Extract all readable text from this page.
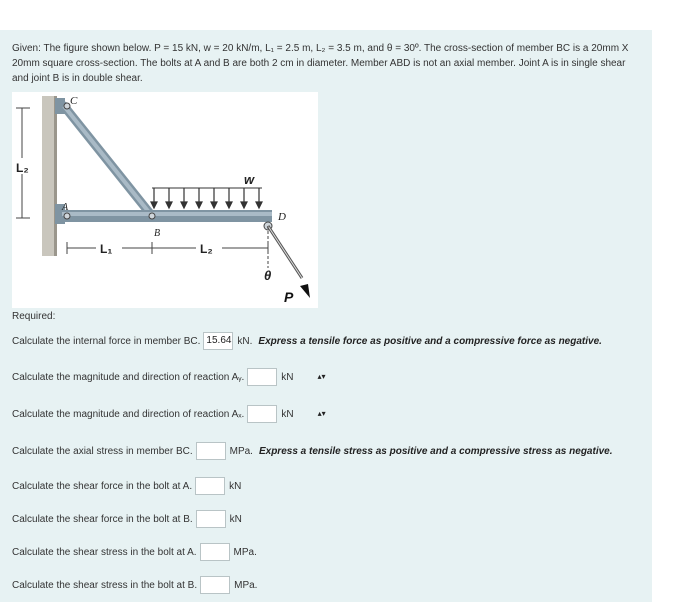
Given: The figure shown below. P = 15 kN, w = 20 kN/m, L₁ = 2.5 m, L₂ = 3.5 m, and θ = 30º. The cross-section of member BC is a 20mm X 20mm square cross-section. The bolts at A and B are both 2 cm in diameter. Member ABD is not an axial member. Joint A is in single shear and joint B is in double shear.
C
A
B
D
w
L₂
L₁	L₂
θ
P
Required:
Calculate the internal force in member BC. 15.64 kN. Express a tensile force as positive and a compressive force as negative.
Calculate the magnitude and direction of reaction Aᵧ.	kN	▴▾
Calculate the magnitude and direction of reaction Aₓ.	kN	▴▾
Calculate the axial stress in member BC.	MPa. Express a tensile stress as positive and a compressive stress as negative.
Calculate the shear force in the bolt at A.	kN
Calculate the shear force in the bolt at B.	kN
Calculate the shear stress in the bolt at A.	MPa.
Calculate the shear stress in the bolt at B.	MPa.
